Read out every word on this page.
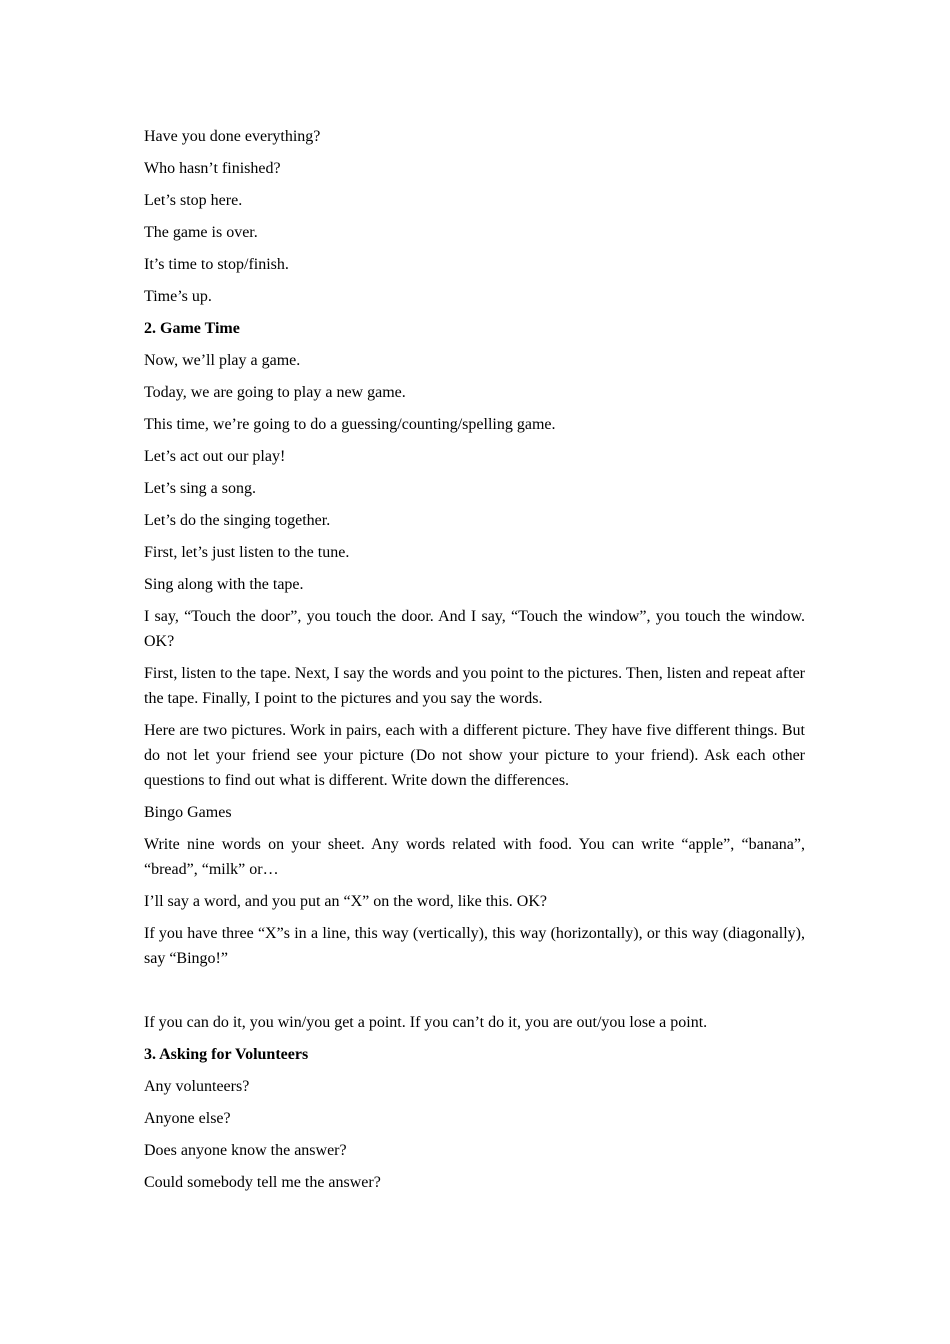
Have you done everything?

Who hasn’t finished?

Let’s stop here.

The game is over.

It’s time to stop/finish.

Time’s up.

2. Game Time

Now, we’ll play a game.

Today, we are going to play a new game.

This time, we’re going to do a guessing/counting/spelling game.

Let’s act out our play!

Let’s sing a song.

Let’s do the singing together.

First, let’s just listen to the tune.

Sing along with the tape.

I say, “Touch the door”, you touch the door. And I say, “Touch the window”, you touch the window. OK?

First, listen to the tape. Next, I say the words and you point to the pictures. Then, listen and repeat after the tape. Finally, I point to the pictures and you say the words.

Here are two pictures. Work in pairs, each with a different picture. They have five different things. But do not let your friend see your picture (Do not show your picture to your friend). Ask each other questions to find out what is different. Write down the differences.

Bingo Games

Write nine words on your sheet. Any words related with food. You can write “apple”, “banana”, “bread”, “milk” or…

I’ll say a word, and you put an “X” on the word, like this. OK?

If you have three “X”s in a line, this way (vertically), this way (horizontally), or this way (diagonally), say “Bingo!”

If you can do it, you win/you get a point. If you can’t do it, you are out/you lose a point.

3. Asking for Volunteers

Any volunteers?

Anyone else?

Does anyone know the answer?

Could somebody tell me the answer?
